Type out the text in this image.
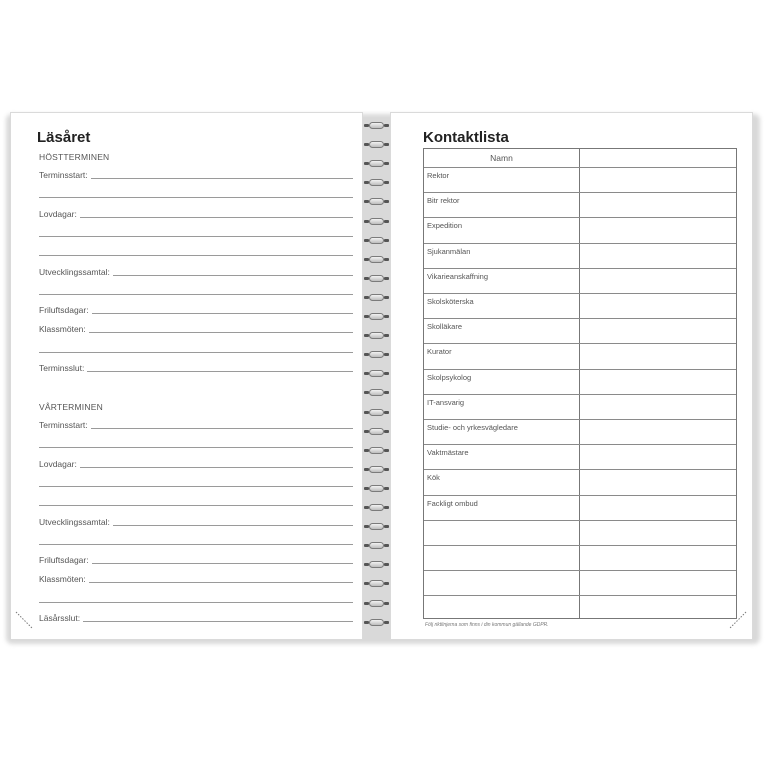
Läsåret
HÖSTTERMINEN
Terminsstart:
Lovdagar:
Utvecklingssamtal:
Friluftsdagar:
Klassmöten:
Terminsslut:
VÅRTERMINEN
Terminsstart:
Lovdagar:
Utvecklingssamtal:
Friluftsdagar:
Klassmöten:
Läsårsslut:
Kontaktlista
Namn
Rektor
Bitr rektor
Expedition
Sjukanmälan
Vikarieanskaffning
Skolsköterska
Skolläkare
Kurator
Skolpsykolog
IT-ansvarig
Studie- och yrkesvägledare
Vaktmästare
Kök
Fackligt ombud
Följ riktlinjerna som finns i din kommun gällande GDPR.
